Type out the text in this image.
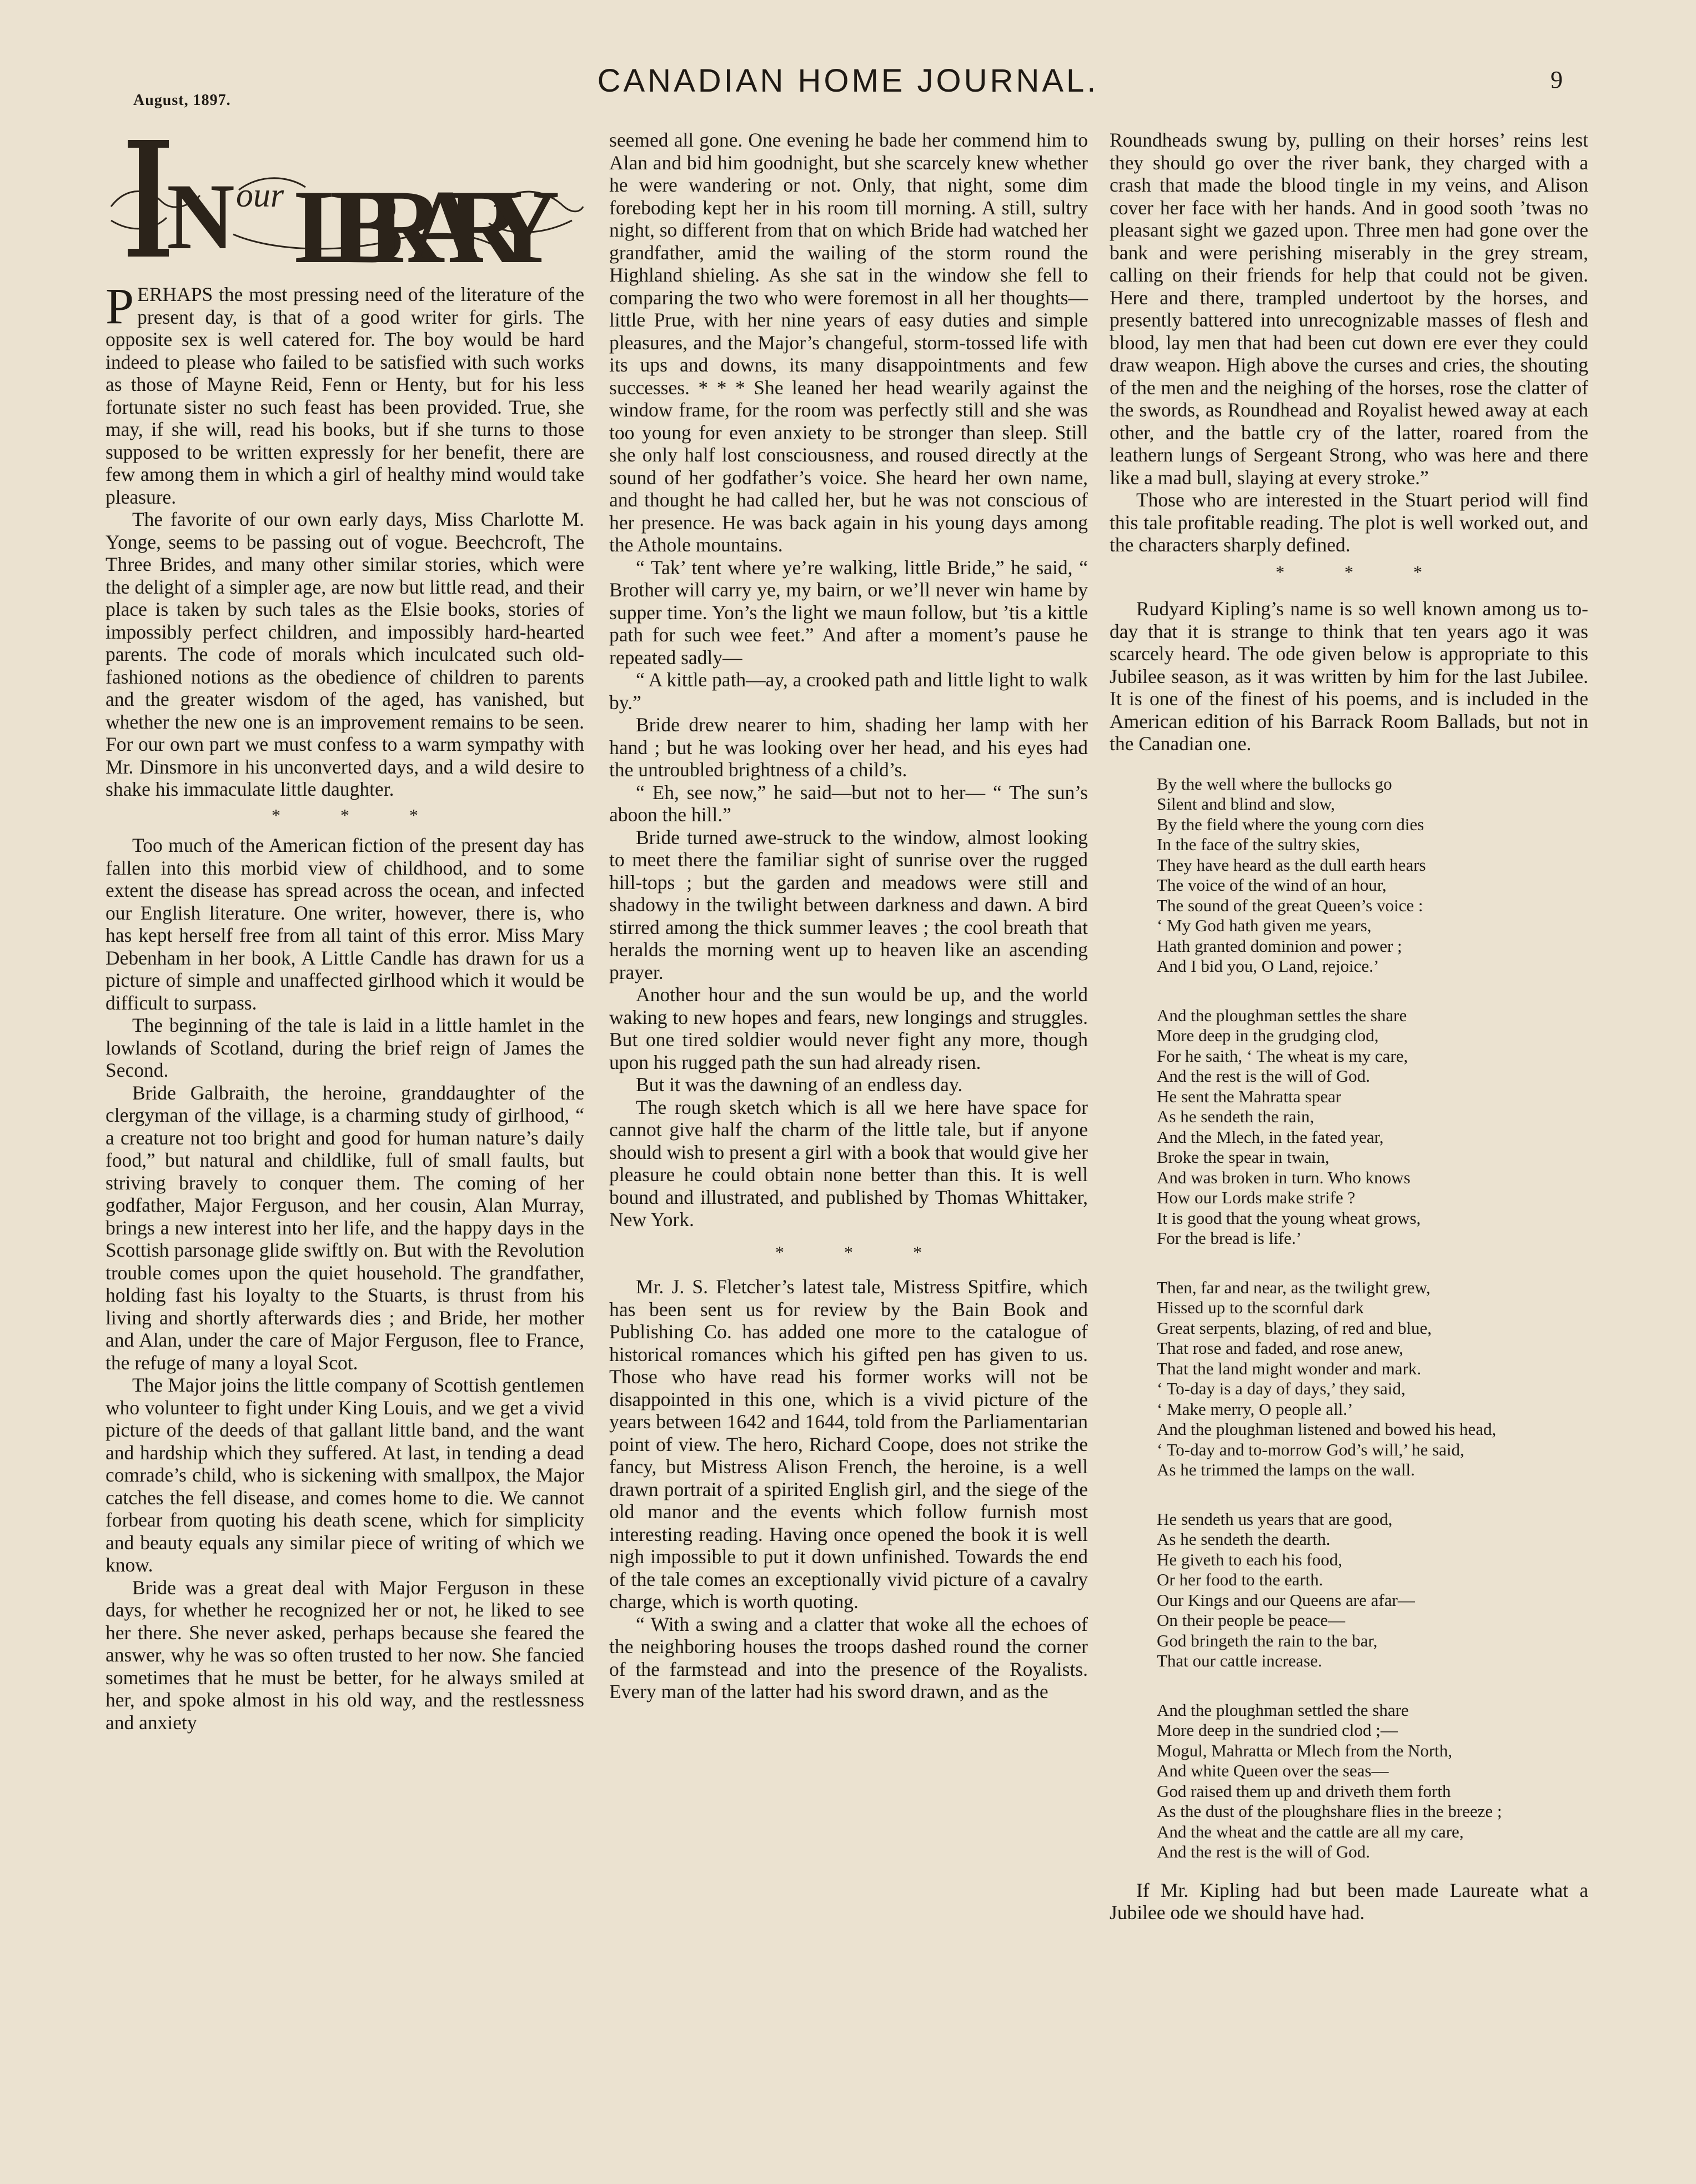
August, 1897.
CANADIAN HOME JOURNAL.	9
N
our LIBRARY

PERHAPS the most pressing need of the literature of the present day, is that of a good writer for girls. The opposite sex is well catered for. The boy would be hard indeed to please who failed to be satisfied with such works as those of Mayne Reid, Fenn or Henty, but for his less fortunate sister no such feast has been provided. True, she may, if she will, read his books, but if she turns to those supposed to be written expressly for her benefit, there are few among them in which a girl of healthy mind would take pleasure.

The favorite of our own early days, Miss Charlotte M. Yonge, seems to be passing out of vogue. Beechcroft, The Three Brides, and many other similar stories, which were the delight of a simpler age, are now but little read, and their place is taken by such tales as the Elsie books, stories of impossibly perfect children, and impossibly hard-hearted parents. The code of morals which inculcated such old-fashioned notions as the obedience of children to parents and the greater wisdom of the aged, has vanished, but whether the new one is an improvement remains to be seen. For our own part we must confess to a warm sympathy with Mr. Dinsmore in his unconverted days, and a wild desire to shake his immaculate little daughter.

* * *

Too much of the American fiction of the present day has fallen into this morbid view of childhood, and to some extent the disease has spread across the ocean, and infected our English literature. One writer, however, there is, who has kept herself free from all taint of this error. Miss Mary Debenham in her book, A Little Candle has drawn for us a picture of simple and unaffected girlhood which it would be difficult to surpass.

The beginning of the tale is laid in a little hamlet in the lowlands of Scotland, during the brief reign of James the Second.

Bride Galbraith, the heroine, granddaughter of the clergyman of the village, is a charming study of girlhood, “ a creature not too bright and good for human nature’s daily food,” but natural and childlike, full of small faults, but striving bravely to conquer them. The coming of her godfather, Major Ferguson, and her cousin, Alan Murray, brings a new interest into her life, and the happy days in the Scottish parsonage glide swiftly on. But with the Revolution trouble comes upon the quiet household. The grandfather, holding fast his loyalty to the Stuarts, is thrust from his living and shortly afterwards dies ; and Bride, her mother and Alan, under the care of Major Ferguson, flee to France, the refuge of many a loyal Scot.

The Major joins the little company of Scottish gentlemen who volunteer to fight under King Louis, and we get a vivid picture of the deeds of that gallant little band, and the want and hardship which they suffered. At last, in tending a dead comrade’s child, who is sickening with smallpox, the Major catches the fell disease, and comes home to die. We cannot forbear from quoting his death scene, which for simplicity and beauty equals any similar piece of writing of which we know.

Bride was a great deal with Major Ferguson in these days, for whether he recognized her or not, he liked to see her there. She never asked, perhaps because she feared the answer, why he was so often trusted to her now. She fancied sometimes that he must be better, for he always smiled at her, and spoke almost in his old way, and the restlessness and anxiety

seemed all gone. One evening he bade her commend him to Alan and bid him goodnight, but she scarcely knew whether he were wandering or not. Only, that night, some dim foreboding kept her in his room till morning. A still, sultry night, so different from that on which Bride had watched her grandfather, amid the wailing of the storm round the Highland shieling. As she sat in the window she fell to comparing the two who were foremost in all her thoughts—little Prue, with her nine years of easy duties and simple pleasures, and the Major’s changeful, storm-tossed life with its ups and downs, its many disappointments and few successes. * * * She leaned her head wearily against the window frame, for the room was perfectly still and she was too young for even anxiety to be stronger than sleep. Still she only half lost consciousness, and roused directly at the sound of her godfather’s voice. She heard her own name, and thought he had called her, but he was not conscious of her presence. He was back again in his young days among the Athole mountains.

“ Tak’ tent where ye’re walking, little Bride,” he said, “ Brother will carry ye, my bairn, or we’ll never win hame by supper time. Yon’s the light we maun follow, but ’tis a kittle path for such wee feet.” And after a moment’s pause he repeated sadly—

“ A kittle path—ay, a crooked path and little light to walk by.”

Bride drew nearer to him, shading her lamp with her hand ; but he was looking over her head, and his eyes had the untroubled brightness of a child’s.

“ Eh, see now,” he said—but not to her— “ The sun’s aboon the hill.”

Bride turned awe-struck to the window, almost looking to meet there the familiar sight of sunrise over the rugged hill-tops ; but the garden and meadows were still and shadowy in the twilight between darkness and dawn. A bird stirred among the thick summer leaves ; the cool breath that heralds the morning went up to heaven like an ascending prayer.

Another hour and the sun would be up, and the world waking to new hopes and fears, new longings and struggles. But one tired soldier would never fight any more, though upon his rugged path the sun had already risen.

But it was the dawning of an endless day.

The rough sketch which is all we here have space for cannot give half the charm of the little tale, but if anyone should wish to present a girl with a book that would give her pleasure he could obtain none better than this. It is well bound and illustrated, and published by Thomas Whittaker, New York.

* * *

Mr. J. S. Fletcher’s latest tale, Mistress Spitfire, which has been sent us for review by the Bain Book and Publishing Co. has added one more to the catalogue of historical romances which his gifted pen has given to us. Those who have read his former works will not be disappointed in this one, which is a vivid picture of the years between 1642 and 1644, told from the Parliamentarian point of view. The hero, Richard Coope, does not strike the fancy, but Mistress Alison French, the heroine, is a well drawn portrait of a spirited English girl, and the siege of the old manor and the events which follow furnish most interesting reading. Having once opened the book it is well nigh impossible to put it down unfinished. Towards the end of the tale comes an exceptionally vivid picture of a cavalry charge, which is worth quoting.

“ With a swing and a clatter that woke all the echoes of the neighboring houses the troops dashed round the corner of the farmstead and into the presence of the Royalists. Every man of the latter had his sword drawn, and as the

Roundheads swung by, pulling on their horses’ reins lest they should go over the river bank, they charged with a crash that made the blood tingle in my veins, and Alison cover her face with her hands. And in good sooth ’twas no pleasant sight we gazed upon. Three men had gone over the bank and were perishing miserably in the grey stream, calling on their friends for help that could not be given. Here and there, trampled undertoot by the horses, and presently battered into unrecognizable masses of flesh and blood, lay men that had been cut down ere ever they could draw weapon. High above the curses and cries, the shouting of the men and the neighing of the horses, rose the clatter of the swords, as Roundhead and Royalist hewed away at each other, and the battle cry of the latter, roared from the leathern lungs of Sergeant Strong, who was here and there like a mad bull, slaying at every stroke.”

Those who are interested in the Stuart period will find this tale profitable reading. The plot is well worked out, and the characters sharply defined.

* * *

Rudyard Kipling’s name is so well known among us to-day that it is strange to think that ten years ago it was scarcely heard. The ode given below is appropriate to this Jubilee season, as it was written by him for the last Jubilee. It is one of the finest of his poems, and is included in the American edition of his Barrack Room Ballads, but not in the Canadian one.

By the well where the bullocks go
Silent and blind and slow,
By the field where the young corn dies
In the face of the sultry skies,
They have heard as the dull earth hears
The voice of the wind of an hour,
The sound of the great Queen’s voice :
‘ My God hath given me years,
Hath granted dominion and power ;
And I bid you, O Land, rejoice.’
And the ploughman settles the share
More deep in the grudging clod,
For he saith, ‘ The wheat is my care,
And the rest is the will of God.
He sent the Mahratta spear
As he sendeth the rain,
And the Mlech, in the fated year,
Broke the spear in twain,
And was broken in turn. Who knows
How our Lords make strife ?
It is good that the young wheat grows,
For the bread is life.’
Then, far and near, as the twilight grew,
Hissed up to the scornful dark
Great serpents, blazing, of red and blue,
That rose and faded, and rose anew,
That the land might wonder and mark.
‘ To-day is a day of days,’ they said,
‘ Make merry, O people all.’
And the ploughman listened and bowed his head,
‘ To-day and to-morrow God’s will,’ he said,
As he trimmed the lamps on the wall.
He sendeth us years that are good,
As he sendeth the dearth.
He giveth to each his food,
Or her food to the earth.
Our Kings and our Queens are afar—
On their people be peace—
God bringeth the rain to the bar,
That our cattle increase.
And the ploughman settled the share
More deep in the sundried clod ;—
Mogul, Mahratta or Mlech from the North,
And white Queen over the seas—
God raised them up and driveth them forth
As the dust of the ploughshare flies in the breeze ;
And the wheat and the cattle are all my care,
And the rest is the will of God.

If Mr. Kipling had but been made Laureate what a Jubilee ode we should have had.
